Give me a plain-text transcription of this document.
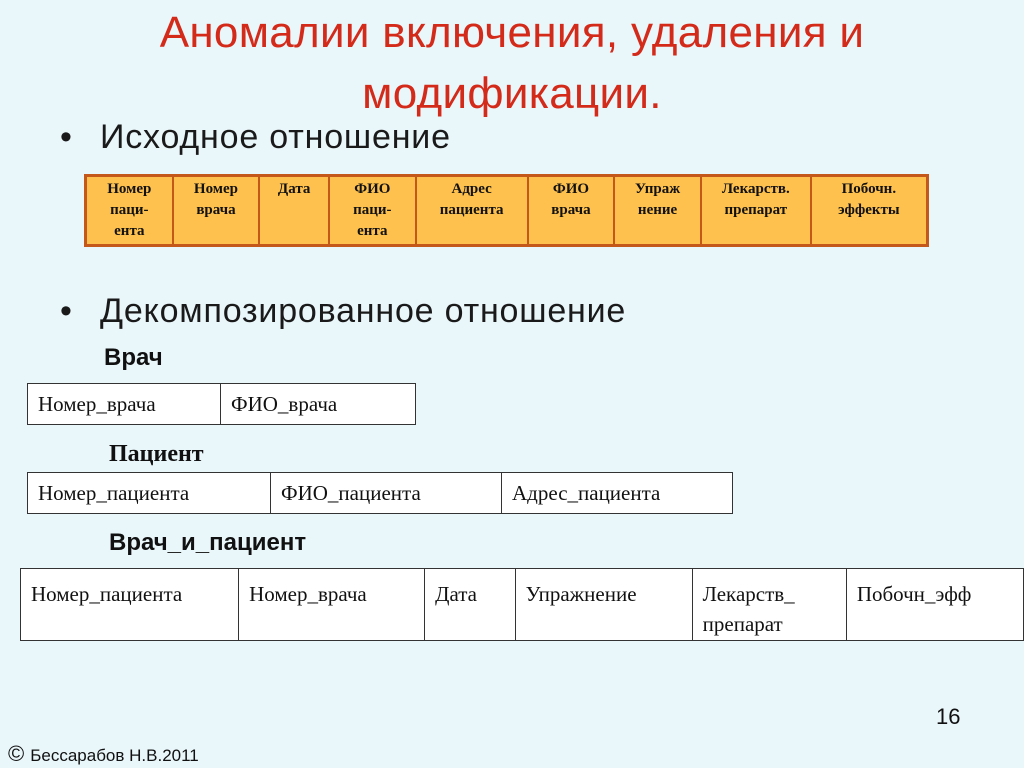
Аномалии включения, удаления и модификации.
• Исходное отношение
Номер
паци-
ента	Номер
врача	Дата	ФИО
паци-
ента	Адрес
пациента	ФИО
врача	Упраж
нение	Лекарств.
препарат	Побочн.
эффекты
• Декомпозированное отношение
Врач
Номер_врача	ФИО_врача
Пациент
Номер_пациента	ФИО_пациента	Адрес_пациента
Врач_и_пациент
Номер_пациента	Номер_врача	Дата	Упражнение	Лекарств_
препарат	Побочн_эфф
16
© Бессарабов Н.В.2011
